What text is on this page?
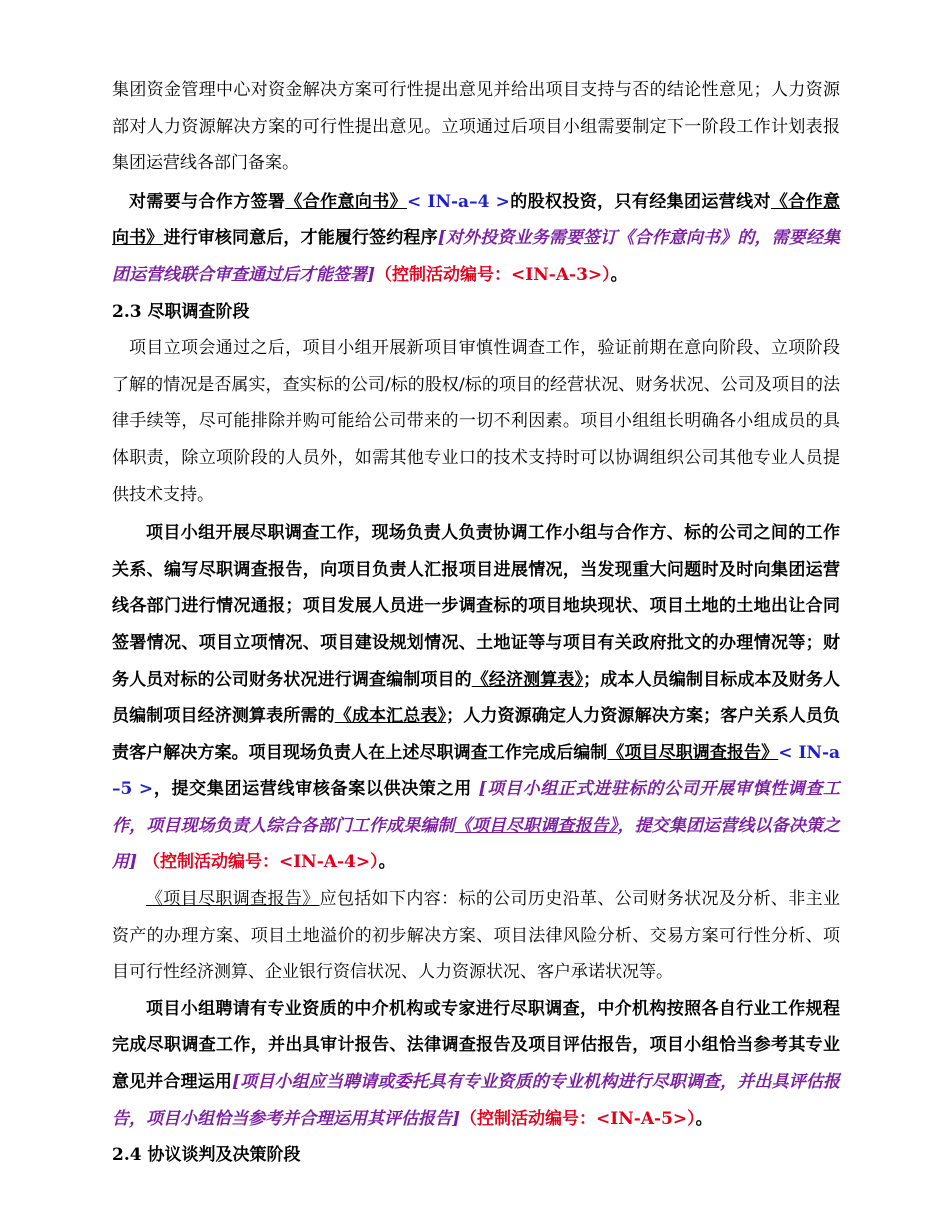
集团资金管理中心对资金解决方案可行性提出意见并给出项目支持与否的结论性意见；人力资源部对人力资源解决方案的可行性提出意见。立项通过后项目小组需要制定下一阶段工作计划表报集团运营线各部门备案。

对需要与合作方签署《合作意向书》< IN-a–4 >的股权投资，只有经集团运营线对《合作意向书》进行审核同意后，才能履行签约程序[对外投资业务需要签订《合作意向书》的，需要经集团运营线联合审查通过后才能签署]（控制活动编号：<IN-A-3>）。

2.3 尽职调查阶段

项目立项会通过之后，项目小组开展新项目审慎性调查工作，验证前期在意向阶段、立项阶段了解的情况是否属实，查实标的公司/标的股权/标的项目的经营状况、财务状况、公司及项目的法律手续等，尽可能排除并购可能给公司带来的一切不利因素。项目小组组长明确各小组成员的具体职责，除立项阶段的人员外，如需其他专业口的技术支持时可以协调组织公司其他专业人员提供技术支持。

项目小组开展尽职调查工作，现场负责人负责协调工作小组与合作方、标的公司之间的工作关系、编写尽职调查报告，向项目负责人汇报项目进展情况，当发现重大问题时及时向集团运营线各部门进行情况通报；项目发展人员进一步调查标的项目地块现状、项目土地的土地出让合同签署情况、项目立项情况、项目建设规划情况、土地证等与项目有关政府批文的办理情况等；财务人员对标的公司财务状况进行调查编制项目的《经济测算表》；成本人员编制目标成本及财务人员编制项目经济测算表所需的《成本汇总表》；人力资源确定人力资源解决方案；客户关系人员负责客户解决方案。项目现场负责人在上述尽职调查工作完成后编制《项目尽职调查报告》< IN-a–5 >，提交集团运营线审核备案以供决策之用 [项目小组正式进驻标的公司开展审慎性调查工作，项目现场负责人综合各部门工作成果编制《项目尽职调查报告》，提交集团运营线以备决策之用] （控制活动编号：<IN-A-4>）。

《项目尽职调查报告》应包括如下内容：标的公司历史沿革、公司财务状况及分析、非主业资产的办理方案、项目土地溢价的初步解决方案、项目法律风险分析、交易方案可行性分析、项目可行性经济测算、企业银行资信状况、人力资源状况、客户承诺状况等。

项目小组聘请有专业资质的中介机构或专家进行尽职调查，中介机构按照各自行业工作规程完成尽职调查工作，并出具审计报告、法律调查报告及项目评估报告，项目小组恰当参考其专业意见并合理运用[项目小组应当聘请或委托具有专业资质的专业机构进行尽职调查，并出具评估报告，项目小组恰当参考并合理运用其评估报告]（控制活动编号：<IN-A-5>）。

2.4 协议谈判及决策阶段
